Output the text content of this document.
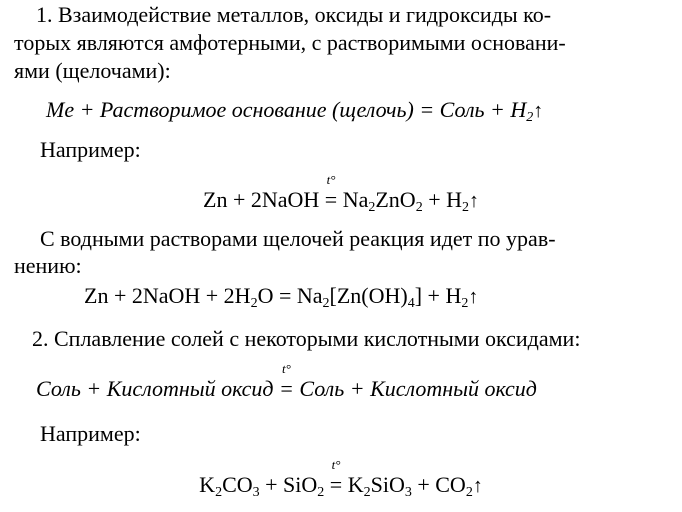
1. Взаимодействие металлов, оксиды и гидроксиды ко-
торых являются амфотерными, с растворимыми основани-
ями (щелочами):
Me + Растворимое основание (щелочь) = Соль + $H_2↑$
Например:
Zn + 2NaOH
t°
= $Na_2ZnO_2$ + $H_2↑$
С водными растворами щелочей реакция идет по урав-
нению:
Zn + 2NaOH + $2H_2O = Na_2[Zn(OH)_4]$ + $H_2↑$
2. Сплавление солей с некоторыми кислотными оксидами:
Соль + Кислотный оксид
t°
= Соль + Кислотный оксид
Например:
$K_2CO_3 + SiO_2$
t°
= $K_2SiO_3$ + $CO_2↑$
